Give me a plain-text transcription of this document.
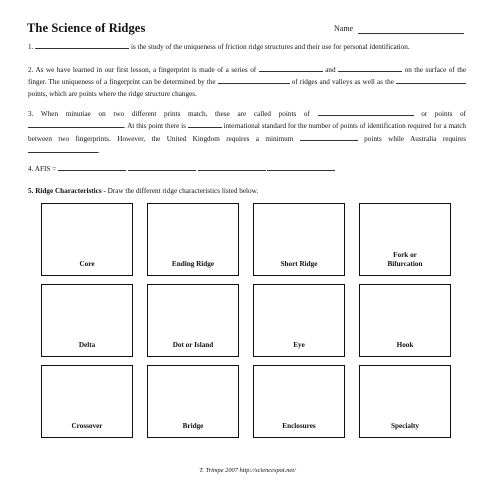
The Science of Ridges	Name
1.	is the study of the uniqueness of friction ridge structures and their use for personal identification.
2. As we have learned in our first lesson, a fingerprint is made of a series of	and	on the surface of the finger. The uniqueness of a fingerprint can be determined by the	of ridges and valleys as well as the  points, which are points where the ridge structure changes.
3. When minutiae on two different prints match, these are called points of	or points of . At this point there is	international standard for the number of points of identification required for a match between two fingerprints. However, the United Kingdom requires a minimum	points while Australia requires .
4. AFIS =
5. Ridge Characteristics - Draw the different ridge characteristics listed below.
Core	Ending Ridge	Short Ridge
Fork or
Bifurcation
Delta	Dot or Island	Eye	Hook
Crossover	Bridge	Enclosures	Specialty
T. Trimpe 2007 http://sciencespot.net/
